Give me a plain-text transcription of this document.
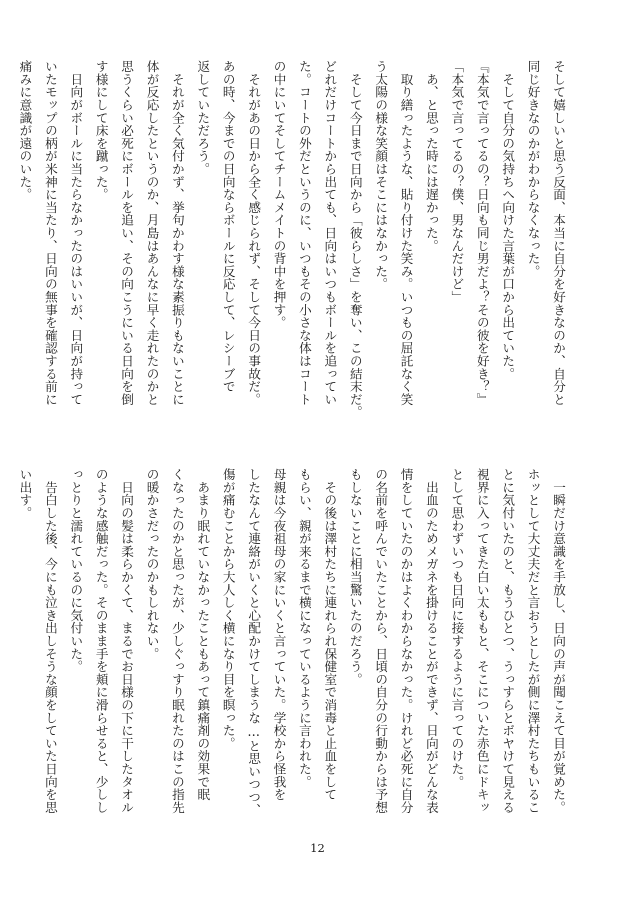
そして嬉しいと思う反面、本当に自分を好きなのか、自分と

同じ好きなのかがわからなくなった。

　そして自分の気持ちへ向けた言葉が口から出ていた。

『本気で言ってるの？日向も同じ男だよ？その彼を好き？』

「本気で言ってるの？僕、男なんだけど」

　あ、と思った時には遅かった。

　取り繕ったような、貼り付けた笑み。いつもの屈託なく笑

う太陽の様な笑顔はそこにはなかった。

　そして今日まで日向から「彼らしさ」を奪い、この結末だ。

どれだけコートから出ても、日向はいつもボールを追ってい

た。コートの外だというのに、いつもその小さな体はコート

の中にいてそしてチームメイトの背中を押す。

　それがあの日から全く感じられず、そして今日の事故だ。

あの時、今までの日向ならボールに反応して、レシーブで

返していただろう。

　それが全く気付かず、挙句かわす様な素振りもないことに

体が反応したというのか、月島はあんなに早く走れたのかと

思うくらい必死にボールを追い、その向こうにいる日向を倒

す様にして床を蹴った。

　日向がボールに当たらなかったのはいいが、日向が持って

いたモップの柄が米神に当たり、日向の無事を確認する前に

痛みに意識が遠のいた。

　一瞬だけ意識を手放し、日向の声が聞こえて目が覚めた。

ホッとして大丈夫だと言おうとしたが側に澤村たちもいるこ

とに気付いたのと、もうひとつ、うっすらとボヤけて見える

視界に入ってきた白い太ももと、そこについた赤色にドキッ

として思わずいつも日向に接するように言ってのけた。

　出血のためメガネを掛けることができず、日向がどんな表

情をしていたのかはよくわからなかった。けれど必死に自分

の名前を呼んでいたことから、日頃の自分の行動からは予想

もしないことに相当驚いたのだろう。

　その後は澤村たちに連れられ保健室で消毒と止血をして

もらい、親が来るまで横になっているように言われた。

母親は今夜祖母の家にいくと言っていた。学校から怪我を

したなんて連絡がいくと心配かけてしまうな…と思いつつ、

傷が痛むことから大人しく横になり目を瞑った。

　あまり眠れていなかったこともあって鎮痛剤の効果で眠

くなったのかと思ったが、少しぐっすり眠れたのはこの指先

の暖かさだったのかもしれない。

　日向の髪は柔らかくて、まるでお日様の下に干したタオル

のような感触だった。そのまま手を頬に滑らせると、少しし

っとりと濡れているのに気付いた。

　告白した後、今にも泣き出しそうな顔をしていた日向を思

い出す。

12
